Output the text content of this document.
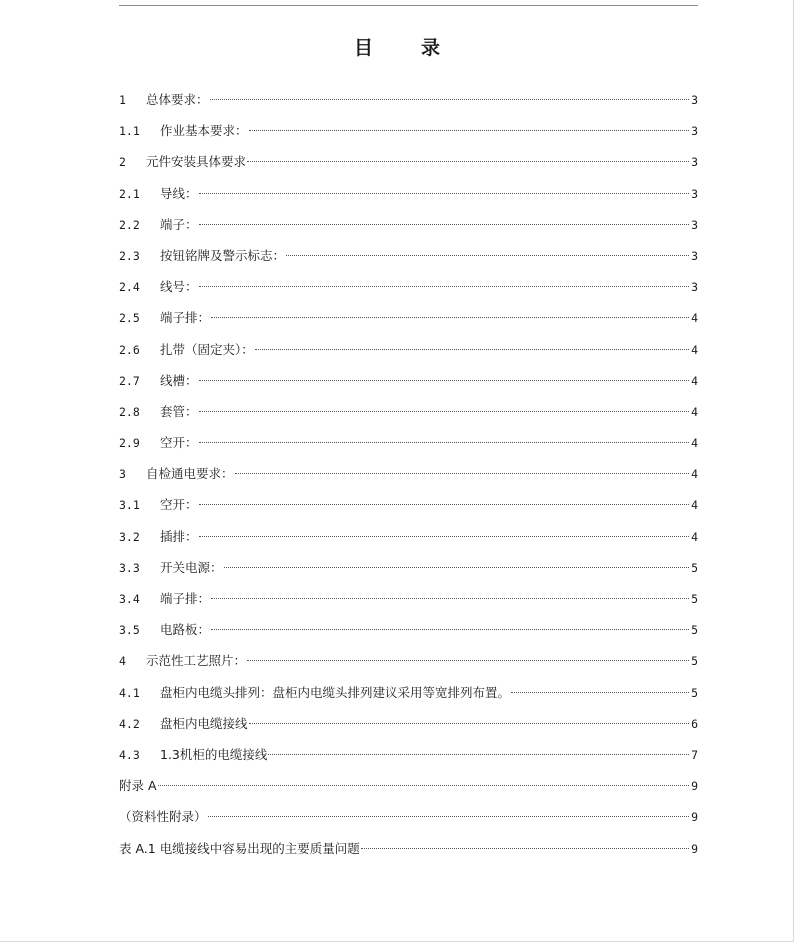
目	录
1	总体要求：	3
1.1	作业基本要求：	3
2	元件安装具体要求	3
2.1	导线：	3
2.2	端子：	3
2.3	按钮铭牌及警示标志：	3
2.4	线号：	3
2.5	端子排：	4
2.6	扎带（固定夹）：	4
2.7	线槽：	4
2.8	套管：	4
2.9	空开：	4
3	自检通电要求：	4
3.1	空开：	4
3.2	插排：	4
3.3	开关电源：	5
3.4	端子排：	5
3.5	电路板：	5
4	示范性工艺照片：	5
4.1	盘柜内电缆头排列：盘柜内电缆头排列建议采用等宽排列布置。	5
4.2	盘柜内电缆接线	6
4.3	1.3机柜的电缆接线	7
附录 A	9
（资料性附录）	9
表 A.1 电缆接线中容易出现的主要质量问题	9
